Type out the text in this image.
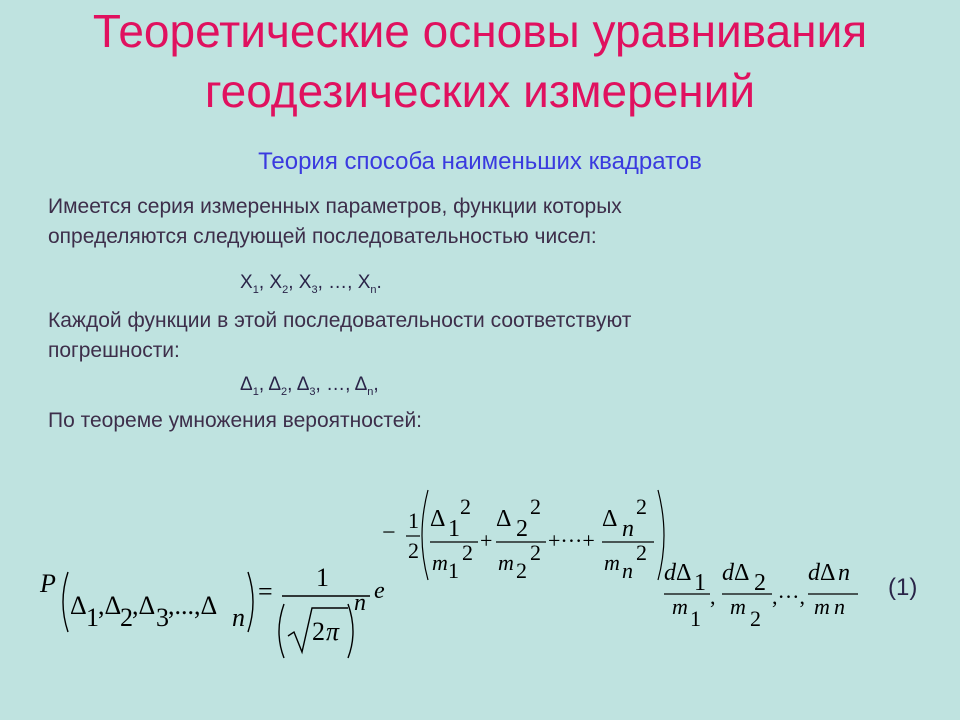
Теоретические основы уравнивания
геодезических измерений
Теория способа наименьших квадратов
Имеется серия измеренных параметров, функции которых
определяются следующей последовательностью чисел:
$X_1$, $X_2$, $X_3$, …, $X_n$.
Каждой функции в этой последовательности соответствуют
погрешности:
$\Delta_1$, $\Delta_2$, $\Delta_3$, …, $\Delta_n$,
По теореме умножения вероятностей:
P
Δ 1 ,Δ
2 ,Δ 3 ,...,Δ n
= 1
2 π
n e
− 1
2
Δ 1
2
m 1
2 +
Δ 2
2
m 2
2 +···+
Δ n
2
m n
2
d Δ 1
m 1
,
d Δ 2
m 2
,···,
d Δ n
m n
(1)
